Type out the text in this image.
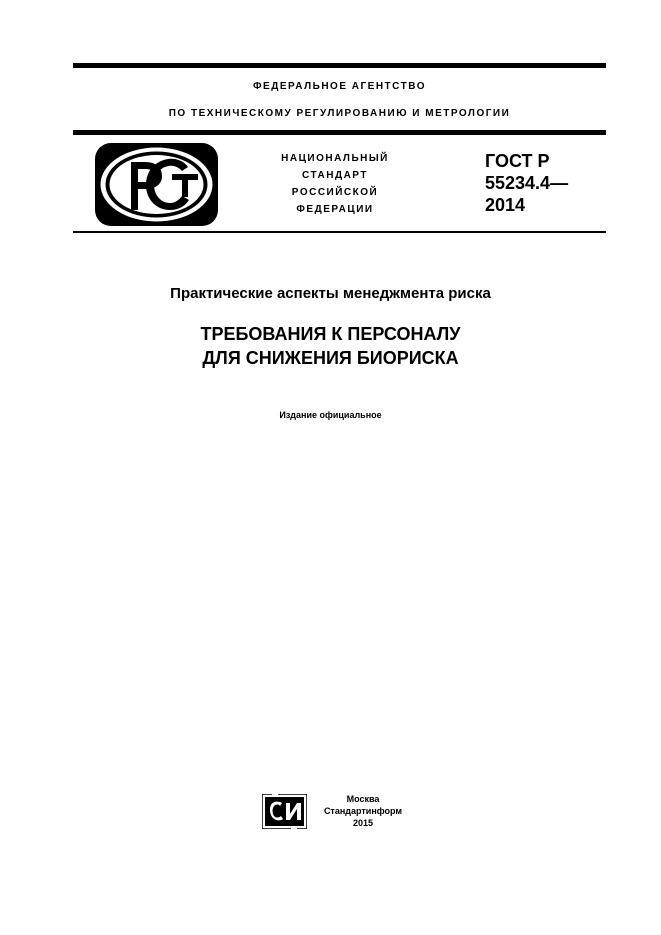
ФЕДЕРАЛЬНОЕ АГЕНТСТВО
ПО ТЕХНИЧЕСКОМУ РЕГУЛИРОВАНИЮ И МЕТРОЛОГИИ
НАЦИОНАЛЬНЫЙ
СТАНДАРТ
РОССИЙСКОЙ
ФЕДЕРАЦИИ
ГОСТ Р
55234.4—
2014
Практические аспекты менеджмента риска
ТРЕБОВАНИЯ К ПЕРСОНАЛУ
ДЛЯ СНИЖЕНИЯ БИОРИСКА
Издание официальное
Москва
Стандартинформ
2015
